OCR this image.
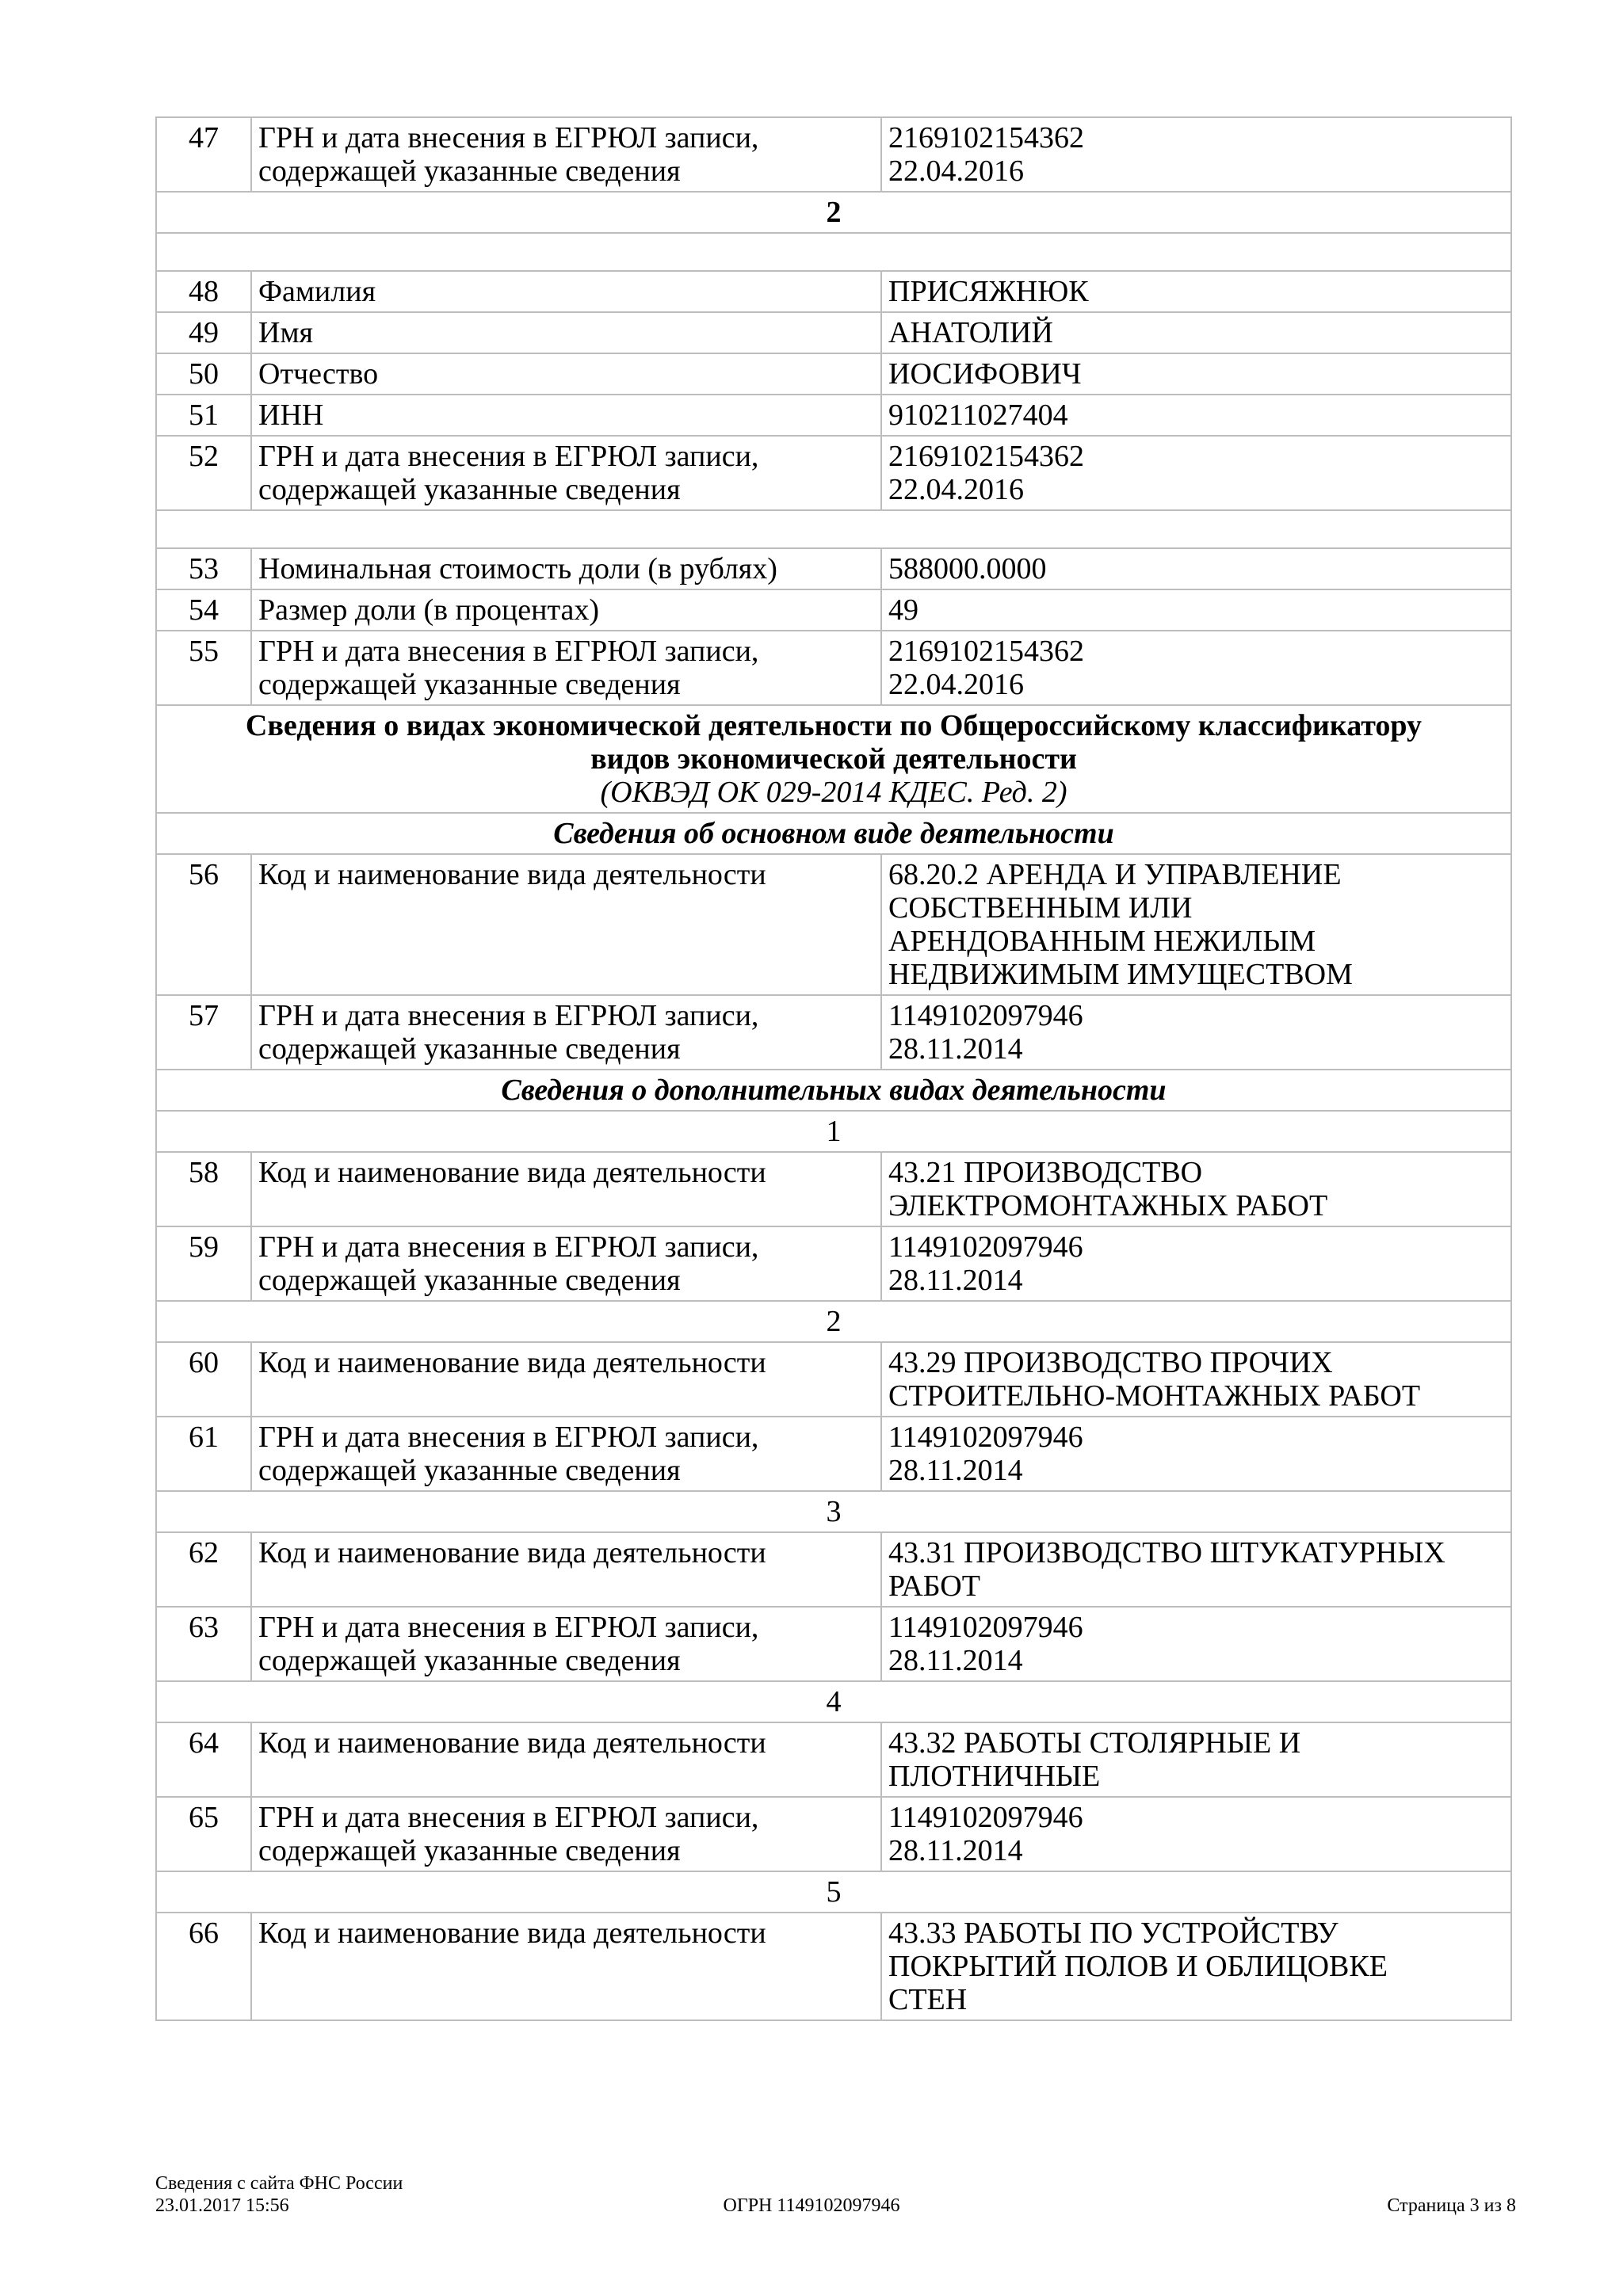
47	ГРН и дата внесения в ЕГРЮЛ записи,
содержащей указанные сведения	2169102154362
22.04.2016
2		

48	Фамилия	ПРИСЯЖНЮК
49	Имя	АНАТОЛИЙ
50	Отчество	ИОСИФОВИЧ
51	ИНН	910211027404
52	ГРН и дата внесения в ЕГРЮЛ записи,
содержащей указанные сведения	2169102154362
22.04.2016

53	Номинальная стоимость доли (в рублях)	588000.0000
54	Размер доли (в процентах)	49
55	ГРН и дата внесения в ЕГРЮЛ записи,
содержащей указанные сведения	2169102154362
22.04.2016

Сведения о видах экономической деятельности по Общероссийскому классификатору
видов экономической деятельности
(ОКВЭД ОК 029-2014 КДЕС. Ред. 2)		

Сведения об основном виде деятельности		
56	Код и наименование вида деятельности	68.20.2 АРЕНДА И УПРАВЛЕНИЕ
СОБСТВЕННЫМ ИЛИ
АРЕНДОВАННЫМ НЕЖИЛЫМ
НЕДВИЖИМЫМ ИМУЩЕСТВОМ
57	ГРН и дата внесения в ЕГРЮЛ записи,
содержащей указанные сведения	1149102097946
28.11.2014
Сведения о дополнительных видах деятельности		
1		
58	Код и наименование вида деятельности	43.21 ПРОИЗВОДСТВО
ЭЛЕКТРОМОНТАЖНЫХ РАБОТ
59	ГРН и дата внесения в ЕГРЮЛ записи,
содержащей указанные сведения	1149102097946
28.11.2014
2		
60	Код и наименование вида деятельности	43.29 ПРОИЗВОДСТВО ПРОЧИХ
СТРОИТЕЛЬНО-МОНТАЖНЫХ РАБОТ
61	ГРН и дата внесения в ЕГРЮЛ записи,
содержащей указанные сведения	1149102097946
28.11.2014
3		
62	Код и наименование вида деятельности	43.31 ПРОИЗВОДСТВО ШТУКАТУРНЫХ
РАБОТ
63	ГРН и дата внесения в ЕГРЮЛ записи,
содержащей указанные сведения	1149102097946
28.11.2014
4		
64	Код и наименование вида деятельности	43.32 РАБОТЫ СТОЛЯРНЫЕ И
ПЛОТНИЧНЫЕ
65	ГРН и дата внесения в ЕГРЮЛ записи,
содержащей указанные сведения	1149102097946
28.11.2014
5		
66	Код и наименование вида деятельности	43.33 РАБОТЫ ПО УСТРОЙСТВУ
ПОКРЫТИЙ ПОЛОВ И ОБЛИЦОВКЕ
СТЕН
Сведения с сайта ФНС России
23.01.2017 15:56	ОГРН 1149102097946	Страница 3 из 8
